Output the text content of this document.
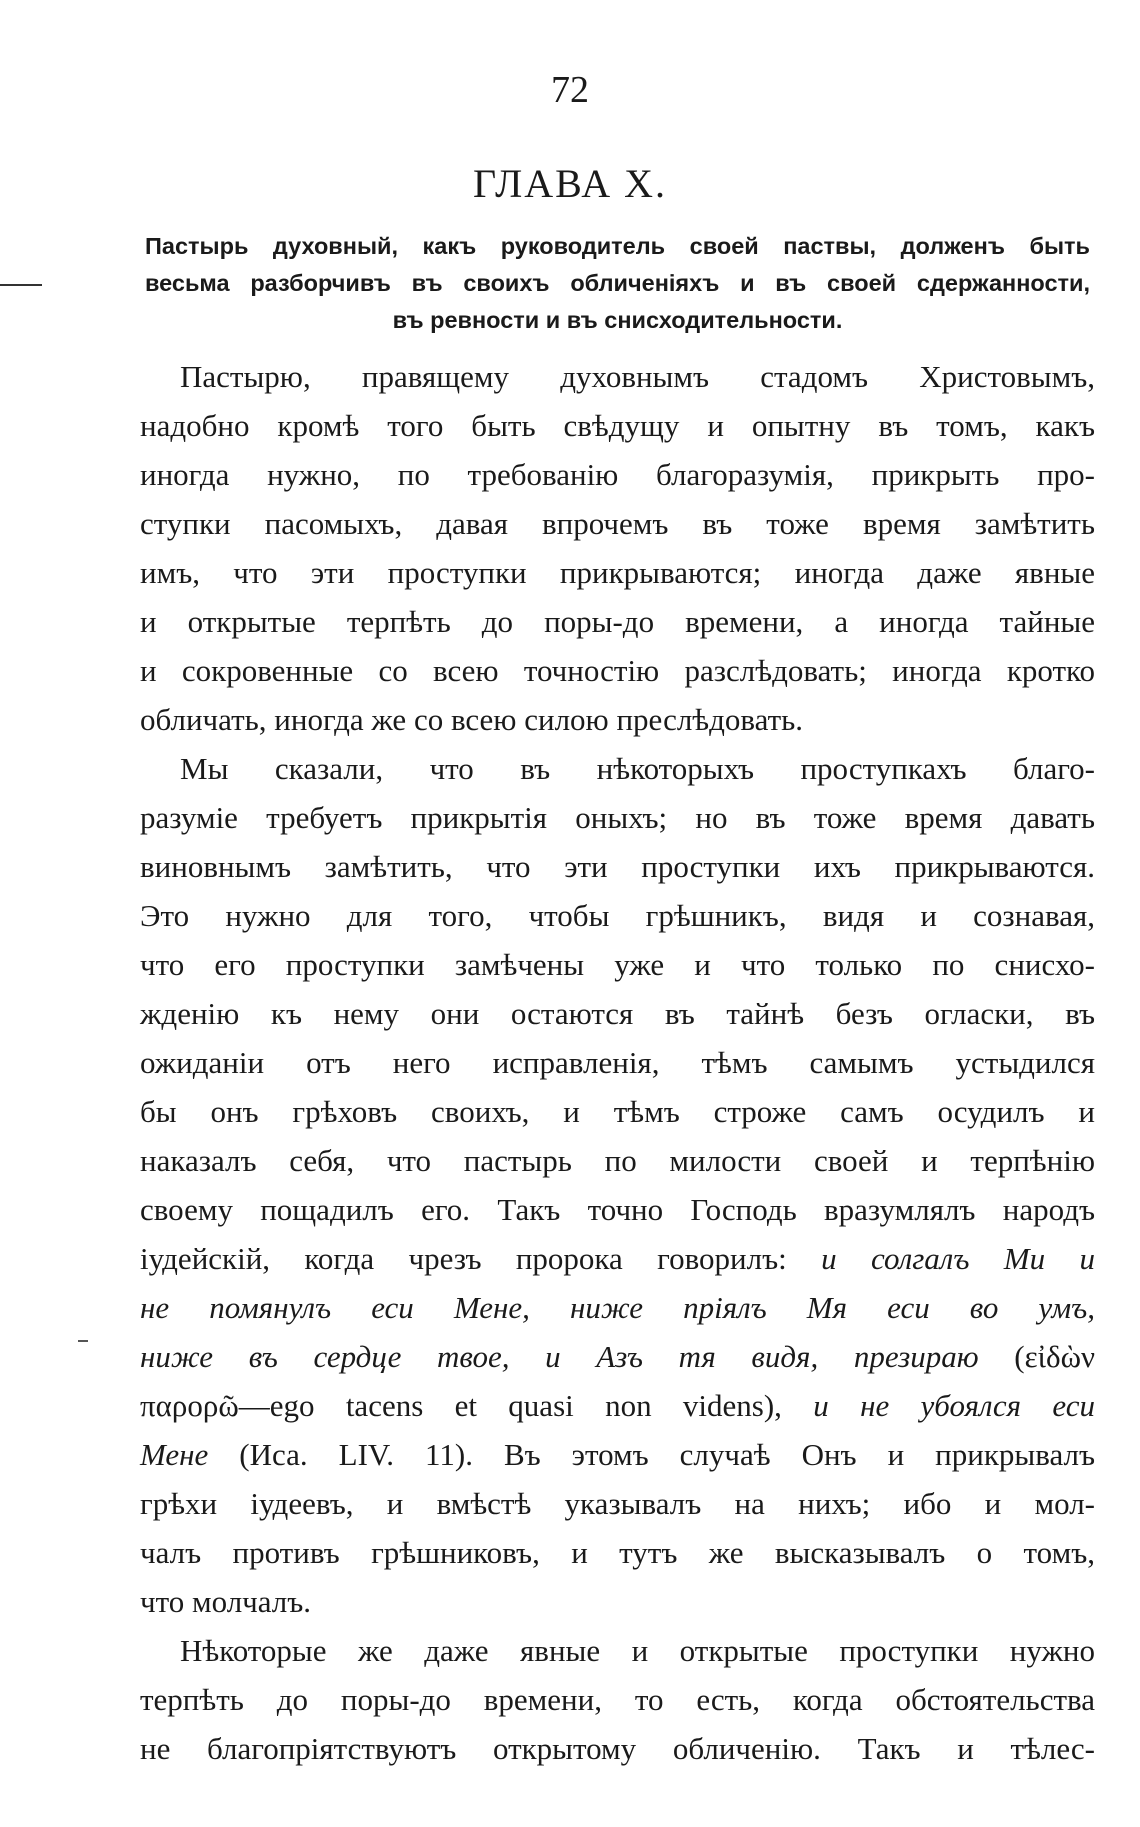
72
ГЛАВА Х.
Пастырь духовный, какъ руководитель своей паствы, долженъ быть
весьма разборчивъ въ своихъ обличеніяхъ и въ своей сдержанности,
въ ревности и въ снисходительности.
Пастырю, правящему духовнымъ стадомъ Христовымъ,
надобно кромѣ того быть свѣдущу и опытну въ томъ, какъ
иногда нужно, по требованію благоразумія, прикрыть про-
ступки пасомыхъ, давая впрочемъ въ тоже время замѣтить
имъ, что эти проступки прикрываются; иногда даже явные
и открытые терпѣть до поры-до времени, а иногда тайные
и сокровенные со всею точностію разслѣдовать; иногда кротко
обличать, иногда же со всею силою преслѣдовать.
Мы сказали, что въ нѣкоторыхъ проступкахъ благо-
разуміе требуетъ прикрытія оныхъ; но въ тоже время давать
виновнымъ замѣтить, что эти проступки ихъ прикрываются.
Это нужно для того, чтобы грѣшникъ, видя и сознавая,
что его проступки замѣчены уже и что только по снисхо-
жденію къ нему они остаются въ тайнѣ безъ огласки, въ
ожиданіи отъ него исправленія, тѣмъ самымъ устыдился
бы онъ грѣховъ своихъ, и тѣмъ строже самъ осудилъ и
наказалъ себя, что пастырь по милости своей и терпѣнію
своему пощадилъ его. Такъ точно Господь вразумлялъ народъ
іудейскій, когда чрезъ пророка говорилъ: и солгалъ Ми и
не помянулъ еси Мене, ниже пріялъ Мя еси во умъ,
ниже въ сердце твое, и Азъ тя видя, презираю (εἰδὼν
παρορῶ—ego tacens et quasi non videns), и не убоялся еси
Мене (Иса. LIV. 11). Въ этомъ случаѣ Онъ и прикрывалъ
грѣхи іудеевъ, и вмѣстѣ указывалъ на нихъ; ибо и мол-
чалъ противъ грѣшниковъ, и тутъ же высказывалъ о томъ,
что молчалъ.
Нѣкоторые же даже явные и открытые проступки нужно
терпѣть до поры-до времени, то есть, когда обстоятельства
не благопріятствуютъ открытому обличенію. Такъ и тѣлес-
